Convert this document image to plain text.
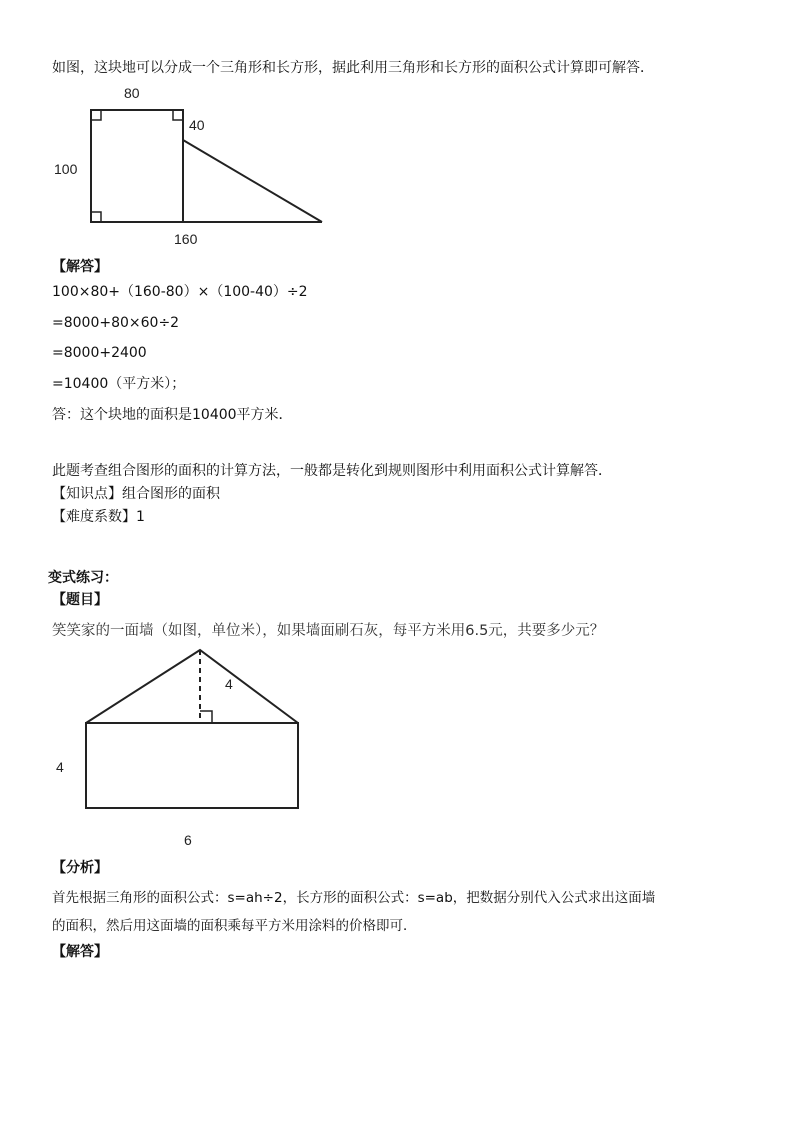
如图，这块地可以分成一个三角形和长方形，据此利用三角形和长方形的面积公式计算即可解答．
80
40
100
160
【解答】
100×80+（160-80）×（100-40）÷2
=8000+80×60÷2
=8000+2400
=10400（平方米）；
答：这个块地的面积是10400平方米．
此题考查组合图形的面积的计算方法，一般都是转化到规则图形中利用面积公式计算解答．
【知识点】组合图形的面积
【难度系数】1
变式练习：
【题目】
笑笑家的一面墙（如图，单位米），如果墙面刷石灰，每平方米用6.5元，共要多少元？
4
4
6
【分析】
首先根据三角形的面积公式：s=ah÷2，长方形的面积公式：s=ab，把数据分别代入公式求出这面墙
的面积，然后用这面墙的面积乘每平方米用涂料的价格即可．
【解答】
